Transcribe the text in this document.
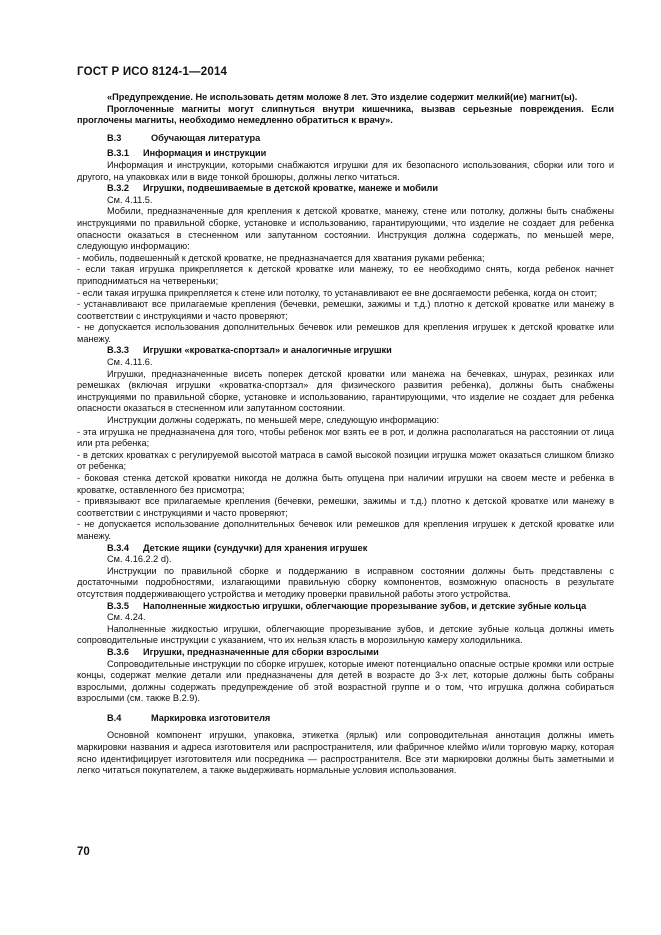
ГОСТ Р ИСО 8124-1—2014

«Предупреждение. Не использовать детям моложе 8 лет. Это изделие содержит мелкий(ие) магнит(ы).

Проглоченные магниты могут слипнуться внутри кишечника, вызвав серьезные повреждения. Если проглочены магниты, необходимо немедленно обратиться к врачу».

B.3	Обучающая литература

B.3.1 Информация и инструкции

Информация и инструкции, которыми снабжаются игрушки для их безопасного использования, сборки или того и другого, на упаковках или в виде тонкой брошюры, должны легко читаться.

B.3.2 Игрушки, подвешиваемые в детской кроватке, манеже и мобили

См. 4.11.5.

Мобили, предназначенные для крепления к детской кроватке, манежу, стене или потолку, должны быть снабжены инструкциями по правильной сборке, установке и использованию, гарантирующими, что изделие не создает для ребенка опасности оказаться в стесненном или запутанном состоянии. Инструкция должна содержать, по меньшей мере, следующую информацию:

- мобиль, подвешенный к детской кроватке, не предназначается для хватания руками ребенка;

- если такая игрушка прикрепляется к детской кроватке или манежу, то ее необходимо снять, когда ребенок начнет приподниматься на четвереньки;

- если такая игрушка прикрепляется к стене или потолку, то устанавливают ее вне досягаемости ребенка, когда он стоит;

- устанавливают все прилагаемые крепления (бечевки, ремешки, зажимы и т.д.) плотно к детской кроватке или манежу в соответствии с инструкциями и часто проверяют;

- не допускается использования дополнительных бечевок или ремешков для крепления игрушек к детской кроватке или манежу.

B.3.3 Игрушки «кроватка-спортзал» и аналогичные игрушки

См. 4.11.6.

Игрушки, предназначенные висеть поперек детской кроватки или манежа на бечевках, шнурах, резинках или ремешках (включая игрушки «кроватка-спортзал» для физического развития ребенка), должны быть снабжены инструкциями по правильной сборке, установке и использованию, гарантирующими, что изделие не создает для ребенка опасности оказаться в стесненном или запутанном состоянии.

Инструкции должны содержать, по меньшей мере, следующую информацию:

- эта игрушка не предназначена для того, чтобы ребенок мог взять ее в рот, и должна располагаться на расстоянии от лица или рта ребенка;

- в детских кроватках с регулируемой высотой матраса в самой высокой позиции игрушка может оказаться слишком близко от ребенка;

- боковая стенка детской кроватки никогда не должна быть опущена при наличии игрушки на своем месте и ребенка в кроватке, оставленного без присмотра;

- привязывают все прилагаемые крепления (бечевки, ремешки, зажимы и т.д.) плотно к детской кроватке или манежу в соответствии с инструкциями и часто проверяют;

- не допускается использование дополнительных бечевок или ремешков для крепления игрушек к детской кроватке или манежу.

B.3.4 Детские ящики (сундучки) для хранения игрушек

См. 4.16.2.2 d).

Инструкции по правильной сборке и поддержанию в исправном состоянии должны быть представлены с достаточными подробностями, излагающими правильную сборку компонентов, возможную опасность в результате отсутствия поддерживающего устройства и методику проверки правильной работы этого устройства.

B.3.5 Наполненные жидкостью игрушки, облегчающие прорезывание зубов, и детские зубные кольца

См. 4.24.

Наполненные жидкостью игрушки, облегчающие прорезывание зубов, и детские зубные кольца должны иметь сопроводительные инструкции с указанием, что их нельзя класть в морозильную камеру холодильника.

B.3.6 Игрушки, предназначенные для сборки взрослыми

Сопроводительные инструкции по сборке игрушек, которые имеют потенциально опасные острые кромки или острые концы, содержат мелкие детали или предназначены для детей в возрасте до 3-х лет, которые должны быть собраны взрослыми, должны содержать предупреждение об этой возрастной группе и о том, что игрушка должна собираться взрослыми (см. также B.2.9).

B.4	Маркировка изготовителя

Основной компонент игрушки, упаковка, этикетка (ярлык) или сопроводительная аннотация должны иметь маркировки названия и адреса изготовителя или распространителя, или фабричное клеймо и/или торговую марку, которая ясно идентифицирует изготовителя или посредника — распространителя. Все эти маркировки должны быть заметными и легко читаться покупателем, а также выдерживать нормальные условия использования.

70
